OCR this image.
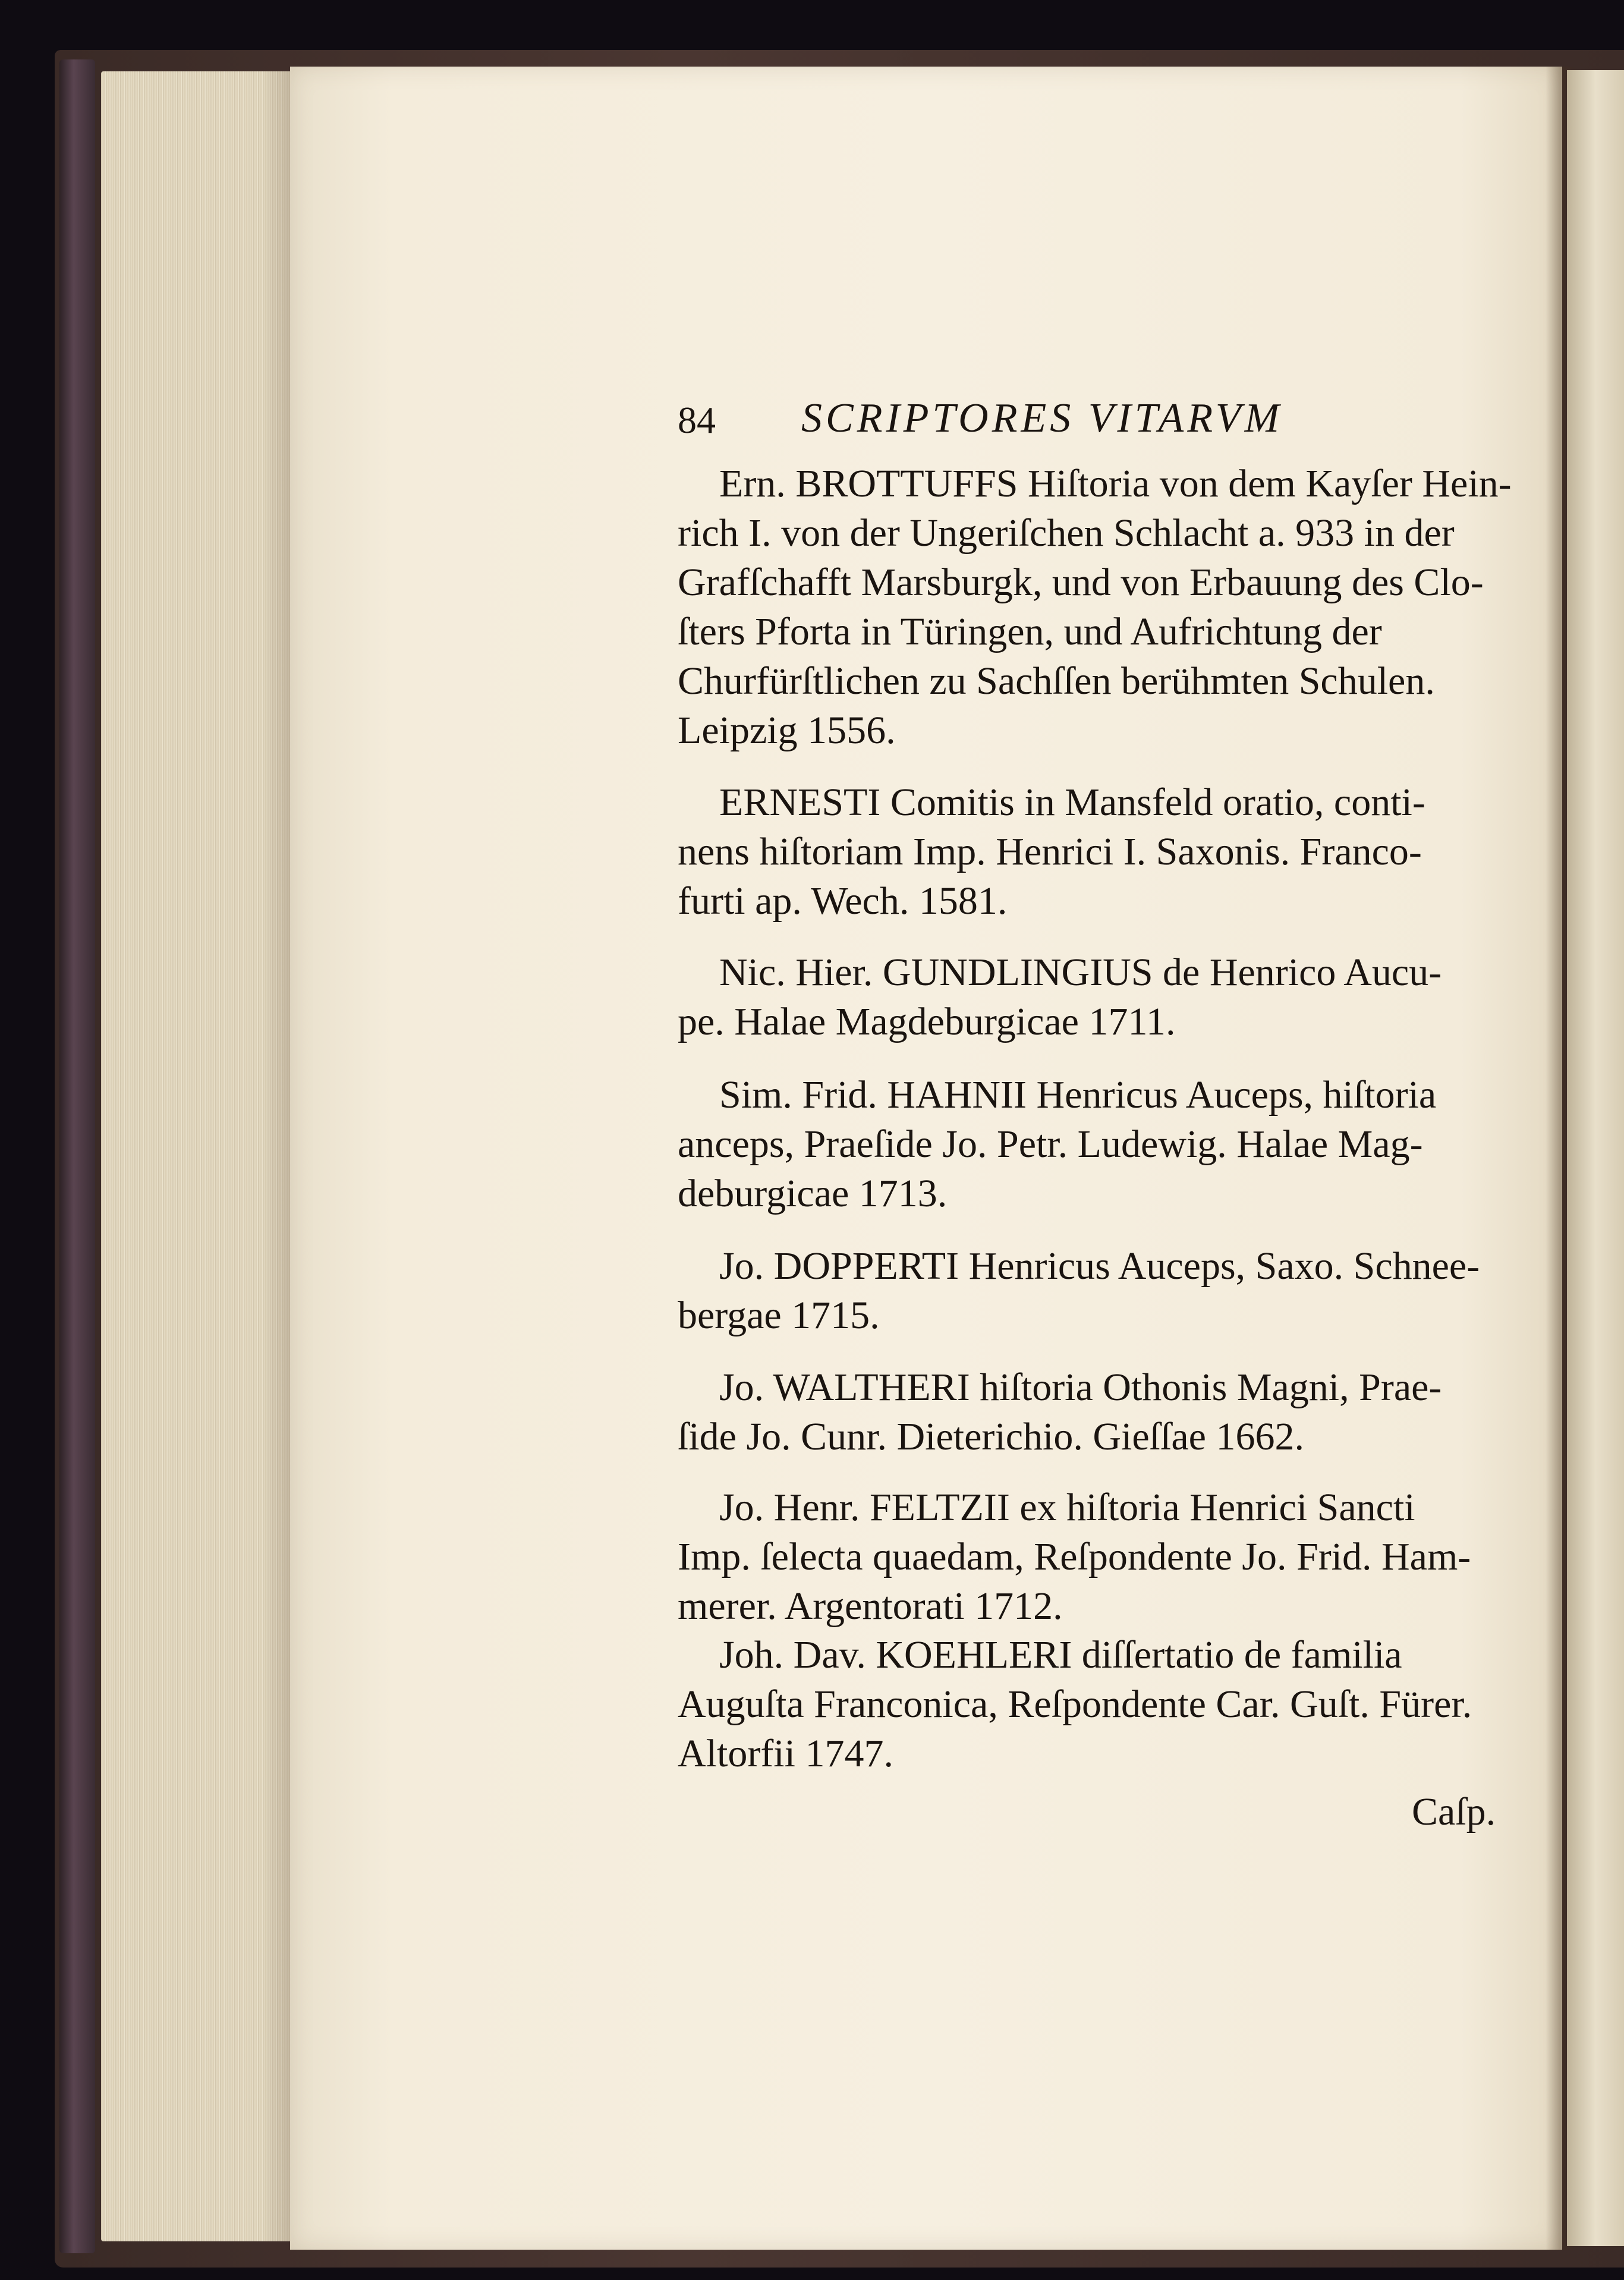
84 SCRIPTORES VITARVM
Ern. BROTTUFFS Hiſtoria von dem Kayſer Hein-
rich I. von der Ungeriſchen Schlacht a. 933 in der
Grafſchafft Marsburgk, und von Erbauung des Clo-
ſters Pforta in Türingen, und Aufrichtung der
Churfürſtlichen zu Sachſſen berühmten Schulen.
Leipzig 1556.
ERNESTI Comitis in Mansfeld oratio, conti-
nens hiſtoriam Imp. Henrici I. Saxonis. Franco-
furti ap. Wech. 1581.
Nic. Hier. GUNDLINGIUS de Henrico Aucu-
pe. Halae Magdeburgicae 1711.
Sim. Frid. HAHNII Henricus Auceps, hiſtoria
anceps, Praeſide Jo. Petr. Ludewig. Halae Mag-
deburgicae 1713.
Jo. DOPPERTI Henricus Auceps, Saxo. Schnee-
bergae 1715.
Jo. WALTHERI hiſtoria Othonis Magni, Prae-
ſide Jo. Cunr. Dieterichio. Gieſſae 1662.
Jo. Henr. FELTZII ex hiſtoria Henrici Sancti
Imp. ſelecta quaedam, Reſpondente Jo. Frid. Ham-
merer. Argentorati 1712.
Joh. Dav. KOEHLERI diſſertatio de familia
Auguſta Franconica, Reſpondente Car. Guſt. Fürer.
Altorfii 1747.
Caſp.
